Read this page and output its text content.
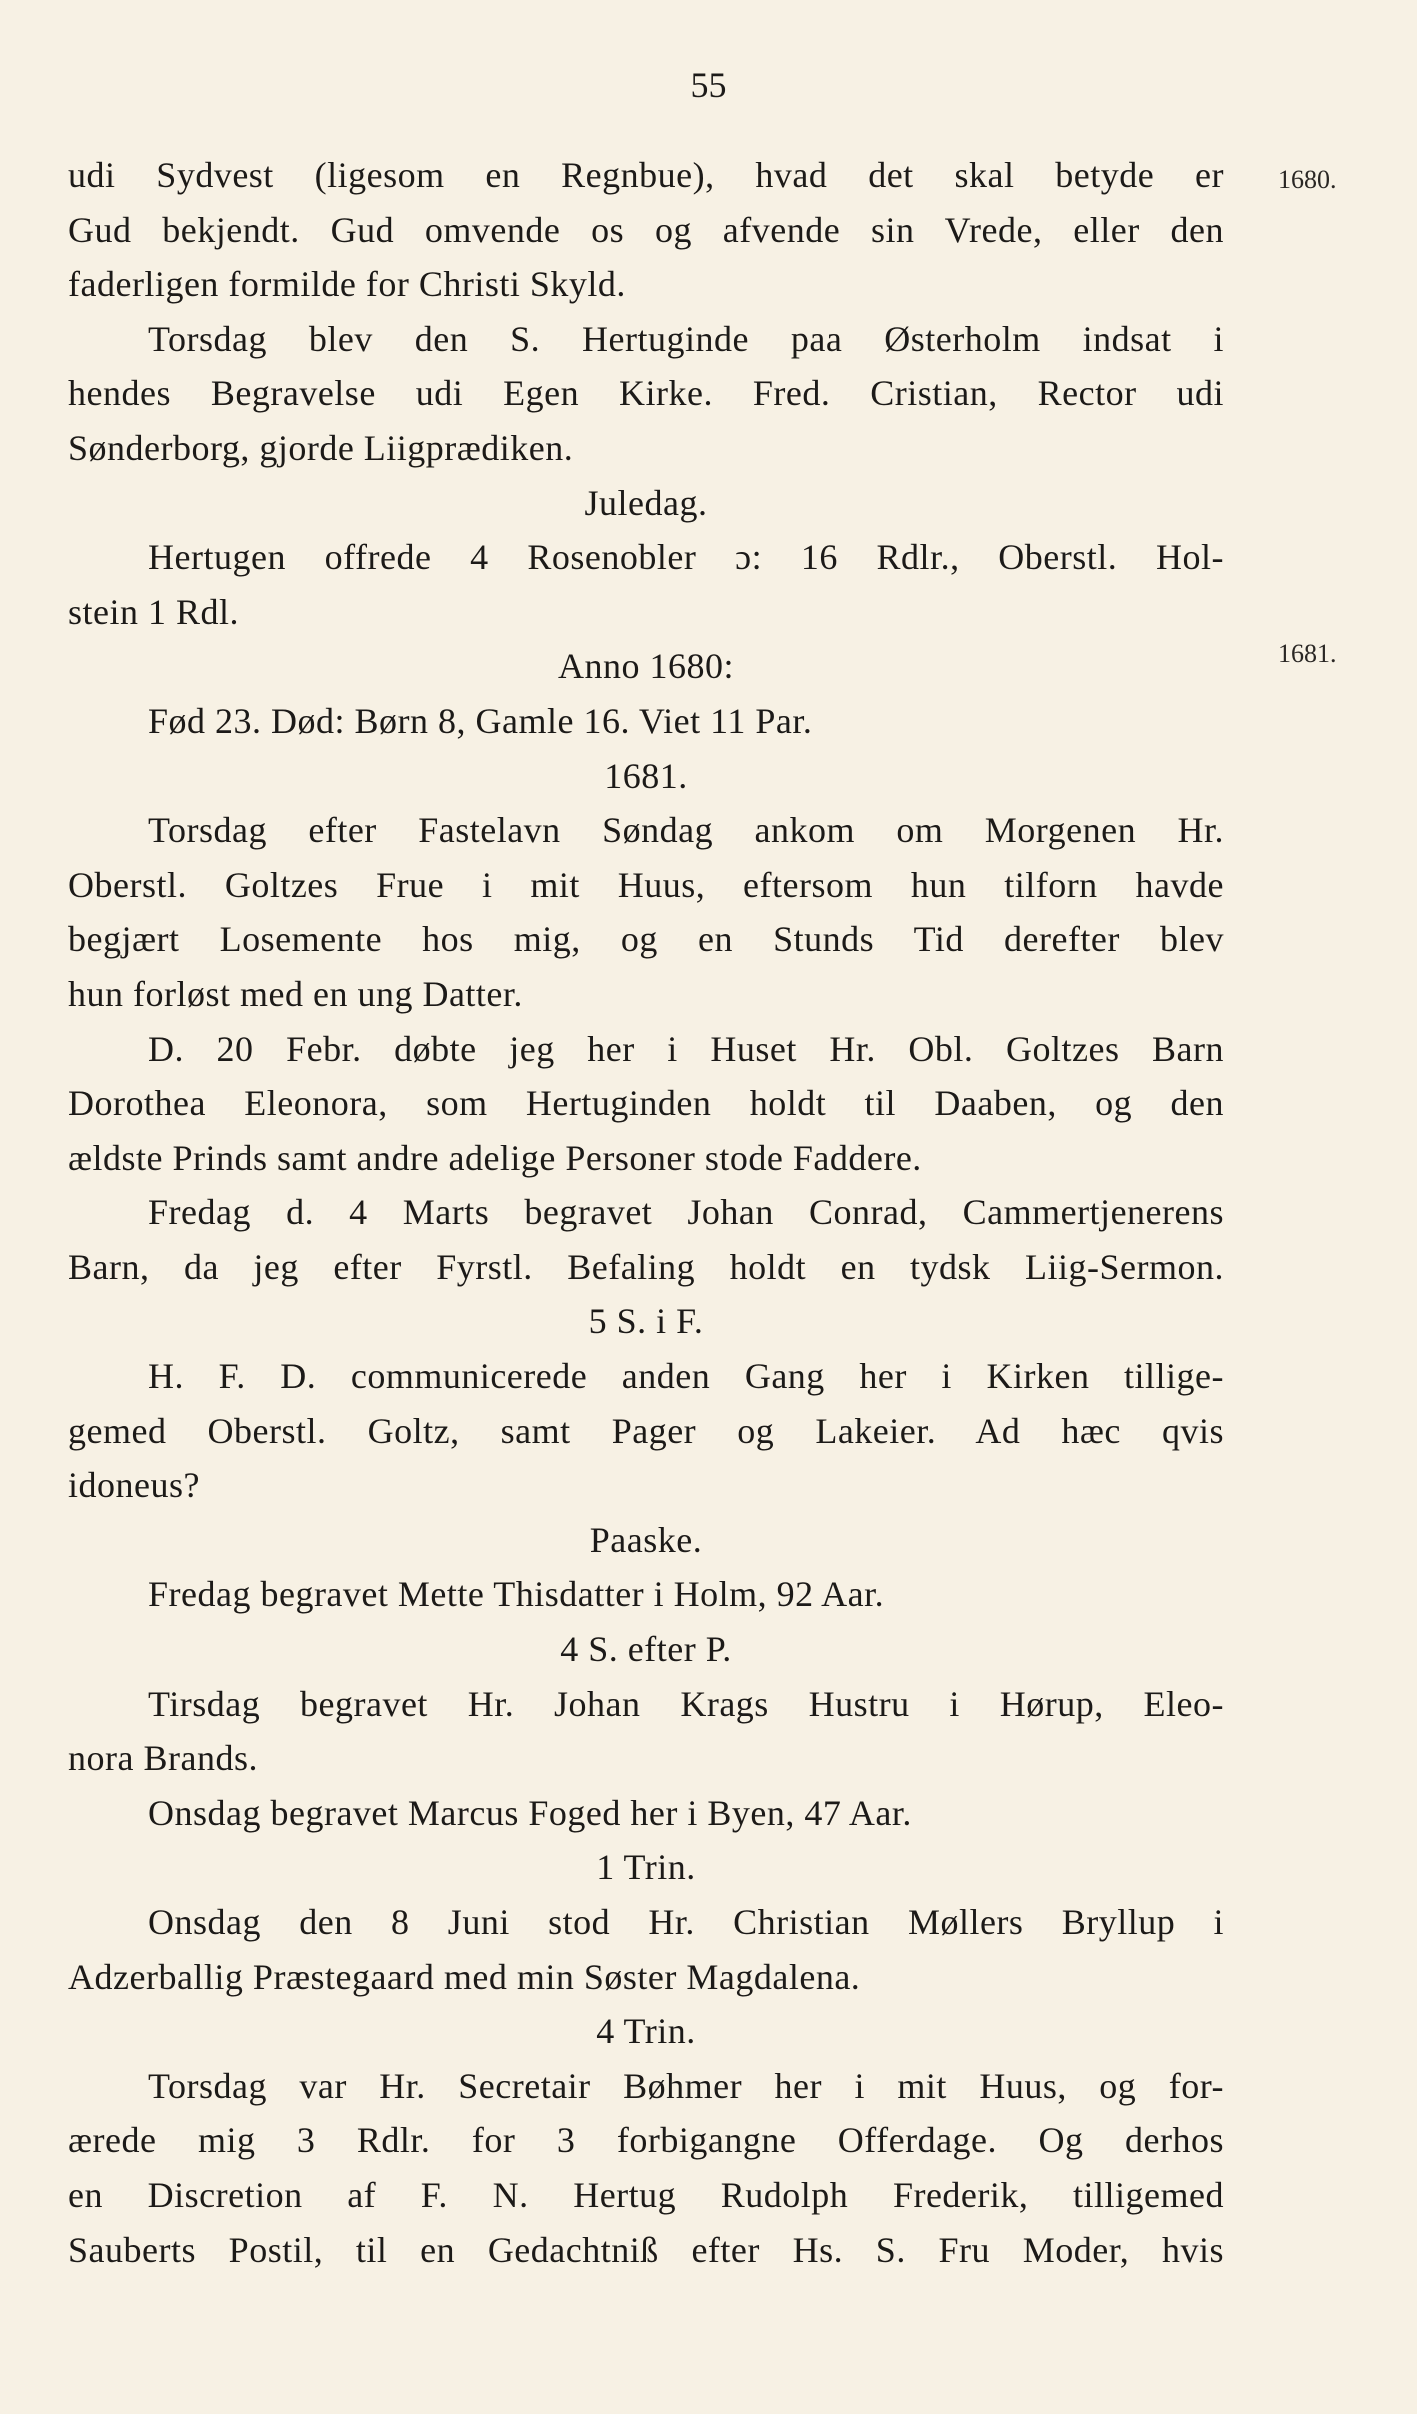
55
1680.
1681.
udi Sydvest (ligesom en Regnbue), hvad det skal betyde er
Gud bekjendt. Gud omvende os og afvende sin Vrede, eller den
faderligen formilde for Christi Skyld.
Torsdag blev den S. Hertuginde paa Østerholm indsat i
hendes Begravelse udi Egen Kirke. Fred. Cristian, Rector udi
Sønderborg, gjorde Liigprædiken.
Juledag.
Hertugen offrede 4 Rosenobler ɔ: 16 Rdlr., Oberstl. Hol-
stein 1 Rdl.
Anno 1680:
Fød 23. Død: Børn 8, Gamle 16. Viet 11 Par.
1681.
Torsdag efter Fastelavn Søndag ankom om Morgenen Hr.
Oberstl. Goltzes Frue i mit Huus, eftersom hun tilforn havde
begjært Losemente hos mig, og en Stunds Tid derefter blev
hun forløst med en ung Datter.
D. 20 Febr. døbte jeg her i Huset Hr. Obl. Goltzes Barn
Dorothea Eleonora, som Hertuginden holdt til Daaben, og den
ældste Prinds samt andre adelige Personer stode Faddere.
Fredag d. 4 Marts begravet Johan Conrad, Cammertjenerens
Barn, da jeg efter Fyrstl. Befaling holdt en tydsk Liig-Sermon.
5 S. i F.
H. F. D. communicerede anden Gang her i Kirken tillige-
gemed Oberstl. Goltz, samt Pager og Lakeier. Ad hæc qvis
idoneus?
Paaske.
Fredag begravet Mette Thisdatter i Holm, 92 Aar.
4 S. efter P.
Tirsdag begravet Hr. Johan Krags Hustru i Hørup, Eleo-
nora Brands.
Onsdag begravet Marcus Foged her i Byen, 47 Aar.
1 Trin.
Onsdag den 8 Juni stod Hr. Christian Møllers Bryllup i
Adzerballig Præstegaard med min Søster Magdalena.
4 Trin.
Torsdag var Hr. Secretair Bøhmer her i mit Huus, og for-
ærede mig 3 Rdlr. for 3 forbigangne Offerdage. Og derhos
en Discretion af F. N. Hertug Rudolph Frederik, tilligemed
Sauberts Postil, til en Gedachtniß efter Hs. S. Fru Moder, hvis
